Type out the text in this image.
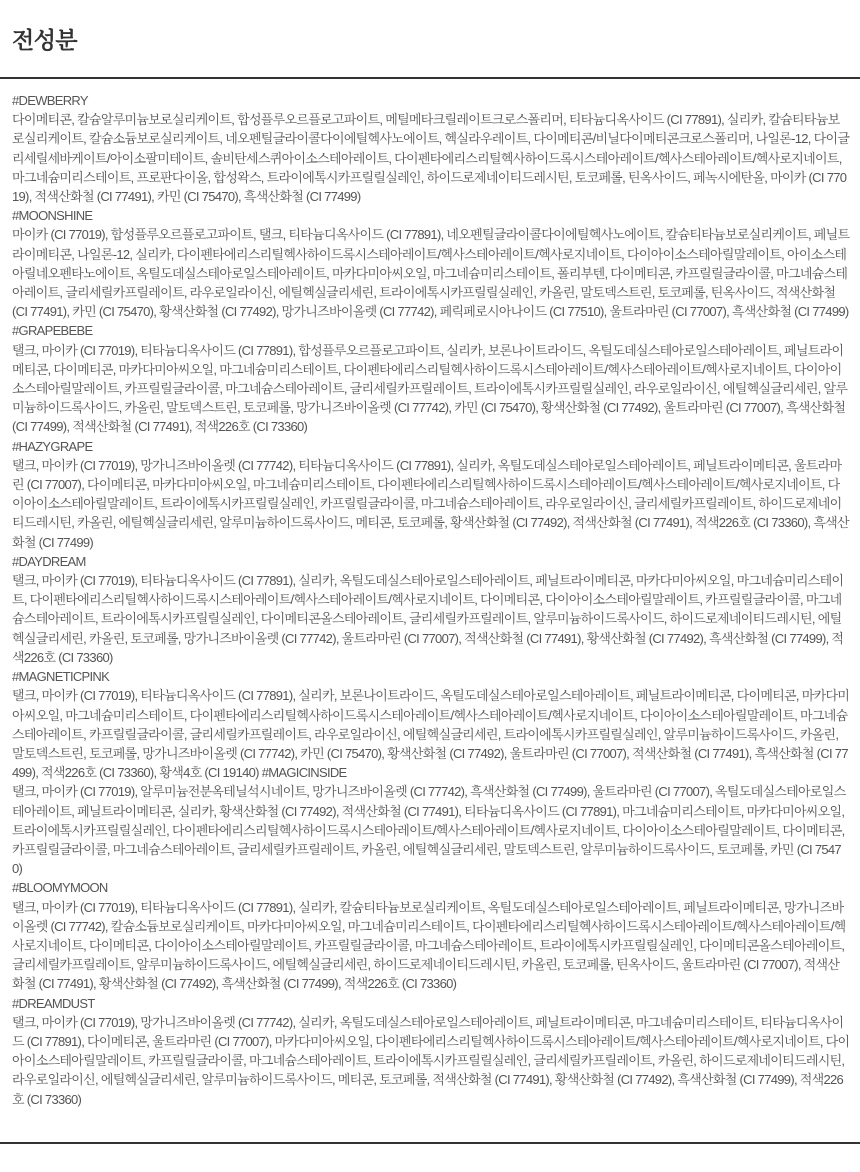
전성분

#DEWBERRY

다이메티콘, 칼슘알루미늄보로실리케이트, 합성플루오르플로고파이트, 메틸메타크릴레이트크로스폴리머, 티타늄디옥사이드 (CI 77891), 실리카, 칼슘티타늄보로실리케이트, 칼슘소듐보로실리케이트, 네오펜틸글라이콜다이에틸헥사노에이트, 헥실라우레이트, 다이메티콘/비닐다이메티콘크로스폴리머, 나일론-12, 다이글리세릴세바케이트/아이소팔미테이트, 솔비탄세스퀴아이소스테아레이트, 다이펜타에리스리틸헥사하이드록시스테아레이트/헥사스테아레이트/헥사로지네이트, 마그네슘미리스테이트, 프로판다이올, 합성왁스, 트라이에톡시카프릴릴실레인, 하이드로제네이티드레시틴, 토코페롤, 틴옥사이드, 페녹시에탄올, 마이카 (CI 77019), 적색산화철 (CI 77491), 카민 (CI 75470), 흑색산화철 (CI 77499)

#MOONSHINE

마이카 (CI 77019), 합성플루오르플로고파이트, 탤크, 티타늄디옥사이드 (CI 77891), 네오펜틸글라이콜다이에틸헥사노에이트, 칼슘티타늄보로실리케이트, 페닐트라이메티콘, 나일론-12, 실리카, 다이펜타에리스리틸헥사하이드록시스테아레이트/헥사스테아레이트/헥사로지네이트, 다이아이소스테아릴말레이트, 아이소스테아릴네오펜타노에이트, 옥틸도데실스테아로일스테아레이트, 마카다미아씨오일, 마그네슘미리스테이트, 폴리부텐, 다이메티콘, 카프릴릴글라이콜, 마그네슘스테아레이트, 글리세릴카프릴레이트, 라우로일라이신, 에틸헥실글리세린, 트라이에톡시카프릴릴실레인, 카올린, 말토덱스트린, 토코페롤, 틴옥사이드, 적색산화철 (CI 77491), 카민 (CI 75470), 황색산화철 (CI 77492), 망가니즈바이올렛 (CI 77742), 페릭페로시아나이드 (CI 77510), 울트라마린 (CI 77007), 흑색산화철 (CI 77499)

#GRAPEBEBE

탤크, 마이카 (CI 77019), 티타늄디옥사이드 (CI 77891), 합성플루오르플로고파이트, 실리카, 보론나이트라이드, 옥틸도데실스테아로일스테아레이트, 페닐트라이메티콘, 다이메티콘, 마카다미아씨오일, 마그네슘미리스테이트, 다이펜타에리스리틸헥사하이드록시스테아레이트/헥사스테아레이트/헥사로지네이트, 다이아이소스테아릴말레이트, 카프릴릴글라이콜, 마그네슘스테아레이트, 글리세릴카프릴레이트, 트라이에톡시카프릴릴실레인, 라우로일라이신, 에틸헥실글리세린, 알루미늄하이드록사이드, 카올린, 말토덱스트린, 토코페롤, 망가니즈바이올렛 (CI 77742), 카민 (CI 75470), 황색산화철 (CI 77492), 울트라마린 (CI 77007), 흑색산화철 (CI 77499), 적색산화철 (CI 77491), 적색226호 (CI 73360)

#HAZYGRAPE

탤크, 마이카 (CI 77019), 망가니즈바이올렛 (CI 77742), 티타늄디옥사이드 (CI 77891), 실리카, 옥틸도데실스테아로일스테아레이트, 페닐트라이메티콘, 울트라마린 (CI 77007), 다이메티콘, 마카다미아씨오일, 마그네슘미리스테이트, 다이펜타에리스리틸헥사하이드록시스테아레이트/헥사스테아레이트/헥사로지네이트, 다이아이소스테아릴말레이트, 트라이에톡시카프릴릴실레인, 카프릴릴글라이콜, 마그네슘스테아레이트, 라우로일라이신, 글리세릴카프릴레이트, 하이드로제네이티드레시틴, 카올린, 에틸헥실글리세린, 알루미늄하이드록사이드, 메티콘, 토코페롤, 황색산화철 (CI 77492), 적색산화철 (CI 77491), 적색226호 (CI 73360), 흑색산화철 (CI 77499)

#DAYDREAM

탤크, 마이카 (CI 77019), 티타늄디옥사이드 (CI 77891), 실리카, 옥틸도데실스테아로일스테아레이트, 페닐트라이메티콘, 마카다미아씨오일, 마그네슘미리스테이트, 다이펜타에리스리틸헥사하이드록시스테아레이트/헥사스테아레이트/헥사로지네이트, 다이메티콘, 다이아이소스테아릴말레이트, 카프릴릴글라이콜, 마그네슘스테아레이트, 트라이에톡시카프릴릴실레인, 다이메티콘올스테아레이트, 글리세릴카프릴레이트, 알루미늄하이드록사이드, 하이드로제네이티드레시틴, 에틸헥실글리세린, 카올린, 토코페롤, 망가니즈바이올렛 (CI 77742), 울트라마린 (CI 77007), 적색산화철 (CI 77491), 황색산화철 (CI 77492), 흑색산화철 (CI 77499), 적색226호 (CI 73360)

#MAGNETICPINK

탤크, 마이카 (CI 77019), 티타늄디옥사이드 (CI 77891), 실리카, 보론나이트라이드, 옥틸도데실스테아로일스테아레이트, 페닐트라이메티콘, 다이메티콘, 마카다미아씨오일, 마그네슘미리스테이트, 다이펜타에리스리틸헥사하이드록시스테아레이트/헥사스테아레이트/헥사로지네이트, 다이아이소스테아릴말레이트, 마그네슘스테아레이트, 카프릴릴글라이콜, 글리세릴카프릴레이트, 라우로일라이신, 에틸헥실글리세린, 트라이에톡시카프릴릴실레인, 알루미늄하이드록사이드, 카올린, 말토덱스트린, 토코페롤, 망가니즈바이올렛 (CI 77742), 카민 (CI 75470), 황색산화철 (CI 77492), 울트라마린 (CI 77007), 적색산화철 (CI 77491), 흑색산화철 (CI 77499), 적색226호 (CI 73360), 황색4호 (CI 19140) #MAGICINSIDE

탤크, 마이카 (CI 77019), 알루미늄전분옥테닐석시네이트, 망가니즈바이올렛 (CI 77742), 흑색산화철 (CI 77499), 울트라마린 (CI 77007), 옥틸도데실스테아로일스테아레이트, 페닐트라이메티콘, 실리카, 황색산화철 (CI 77492), 적색산화철 (CI 77491), 티타늄디옥사이드 (CI 77891), 마그네슘미리스테이트, 마카다미아씨오일, 트라이에톡시카프릴릴실레인, 다이펜타에리스리틸헥사하이드록시스테아레이트/헥사스테아레이트/헥사로지네이트, 다이아이소스테아릴말레이트, 다이메티콘, 카프릴릴글라이콜, 마그네슘스테아레이트, 글리세릴카프릴레이트, 카올린, 에틸헥실글리세린, 말토덱스트린, 알루미늄하이드록사이드, 토코페롤, 카민 (CI 75470)

#BLOOMYMOON

탤크, 마이카 (CI 77019), 티타늄디옥사이드 (CI 77891), 실리카, 칼슘티타늄보로실리케이트, 옥틸도데실스테아로일스테아레이트, 페닐트라이메티콘, 망가니즈바이올렛 (CI 77742), 칼슘소듐보로실리케이트, 마카다미아씨오일, 마그네슘미리스테이트, 다이펜타에리스리틸헥사하이드록시스테아레이트/헥사스테아레이트/헥사로지네이트, 다이메티콘, 다이아이소스테아릴말레이트, 카프릴릴글라이콜, 마그네슘스테아레이트, 트라이에톡시카프릴릴실레인, 다이메티콘올스테아레이트, 글리세릴카프릴레이트, 알루미늄하이드록사이드, 에틸헥실글리세린, 하이드로제네이티드레시틴, 카올린, 토코페롤, 틴옥사이드, 울트라마린 (CI 77007), 적색산화철 (CI 77491), 황색산화철 (CI 77492), 흑색산화철 (CI 77499), 적색226호 (CI 73360)

#DREAMDUST

탤크, 마이카 (CI 77019), 망가니즈바이올렛 (CI 77742), 실리카, 옥틸도데실스테아로일스테아레이트, 페닐트라이메티콘, 마그네슘미리스테이트, 티타늄디옥사이드 (CI 77891), 다이메티콘, 울트라마린 (CI 77007), 마카다미아씨오일, 다이펜타에리스리틸헥사하이드록시스테아레이트/헥사스테아레이트/헥사로지네이트, 다이아이소스테아릴말레이트, 카프릴릴글라이콜, 마그네슘스테아레이트, 트라이에톡시카프릴릴실레인, 글리세릴카프릴레이트, 카올린, 하이드로제네이티드레시틴, 라우로일라이신, 에틸헥실글리세린, 알루미늄하이드록사이드, 메티콘, 토코페롤, 적색산화철 (CI 77491), 황색산화철 (CI 77492), 흑색산화철 (CI 77499), 적색226호 (CI 73360)
